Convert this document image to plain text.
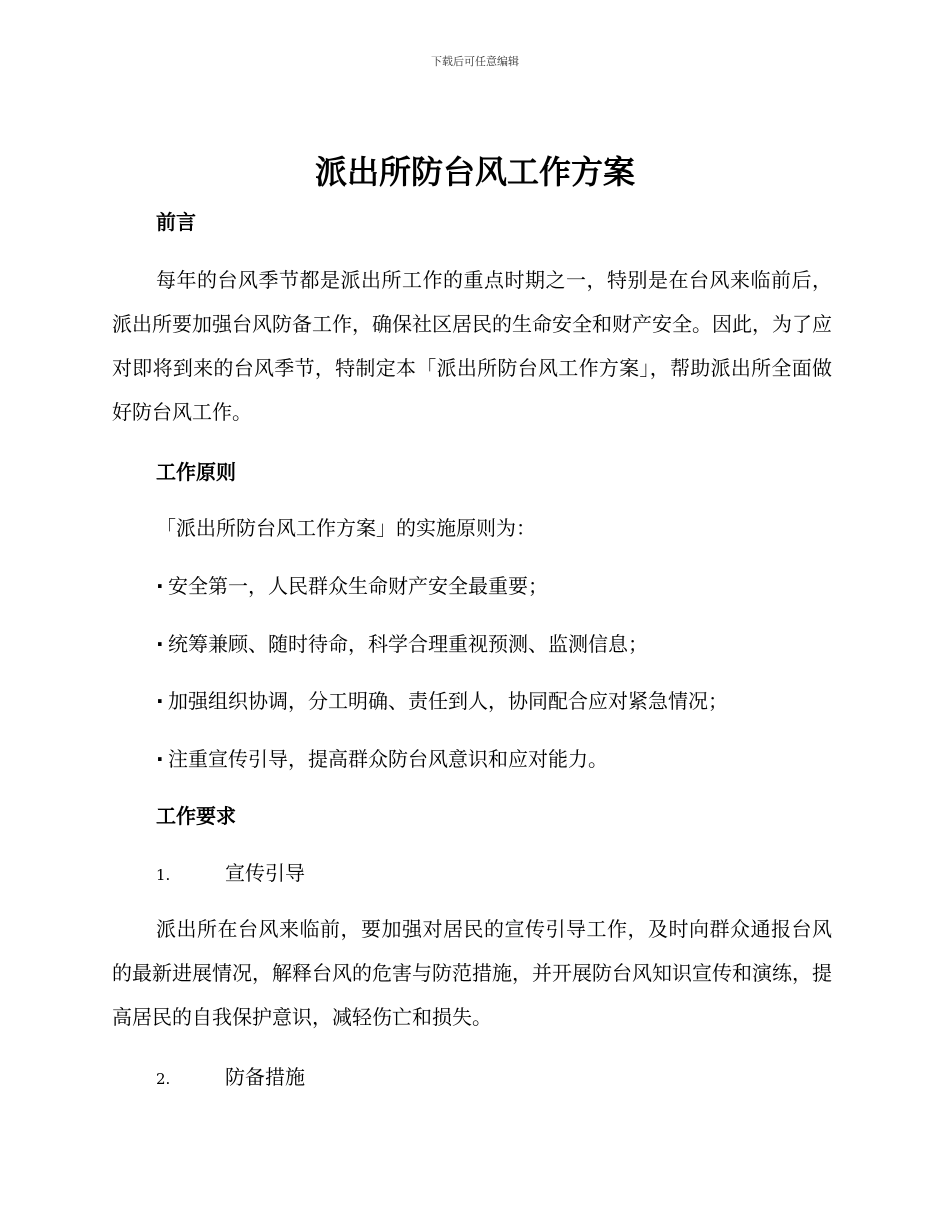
下载后可任意编辑
派出所防台风工作方案
前言

每年的台风季节都是派出所工作的重点时期之一，特别是在台风来临前后，派出所要加强台风防备工作，确保社区居民的生命安全和财产安全。因此，为了应对即将到来的台风季节，特制定本「派出所防台风工作方案」，帮助派出所全面做好防台风工作。

工作原则

「派出所防台风工作方案」的实施原则为：

· 安全第一，人民群众生命财产安全最重要；

· 统筹兼顾、随时待命，科学合理重视预测、监测信息；

· 加强组织协调，分工明确、责任到人，协同配合应对紧急情况；

· 注重宣传引导，提高群众防台风意识和应对能力。

工作要求

1.	宣传引导

派出所在台风来临前，要加强对居民的宣传引导工作，及时向群众通报台风的最新进展情况，解释台风的危害与防范措施，并开展防台风知识宣传和演练，提高居民的自我保护意识，减轻伤亡和损失。

2.	防备措施
